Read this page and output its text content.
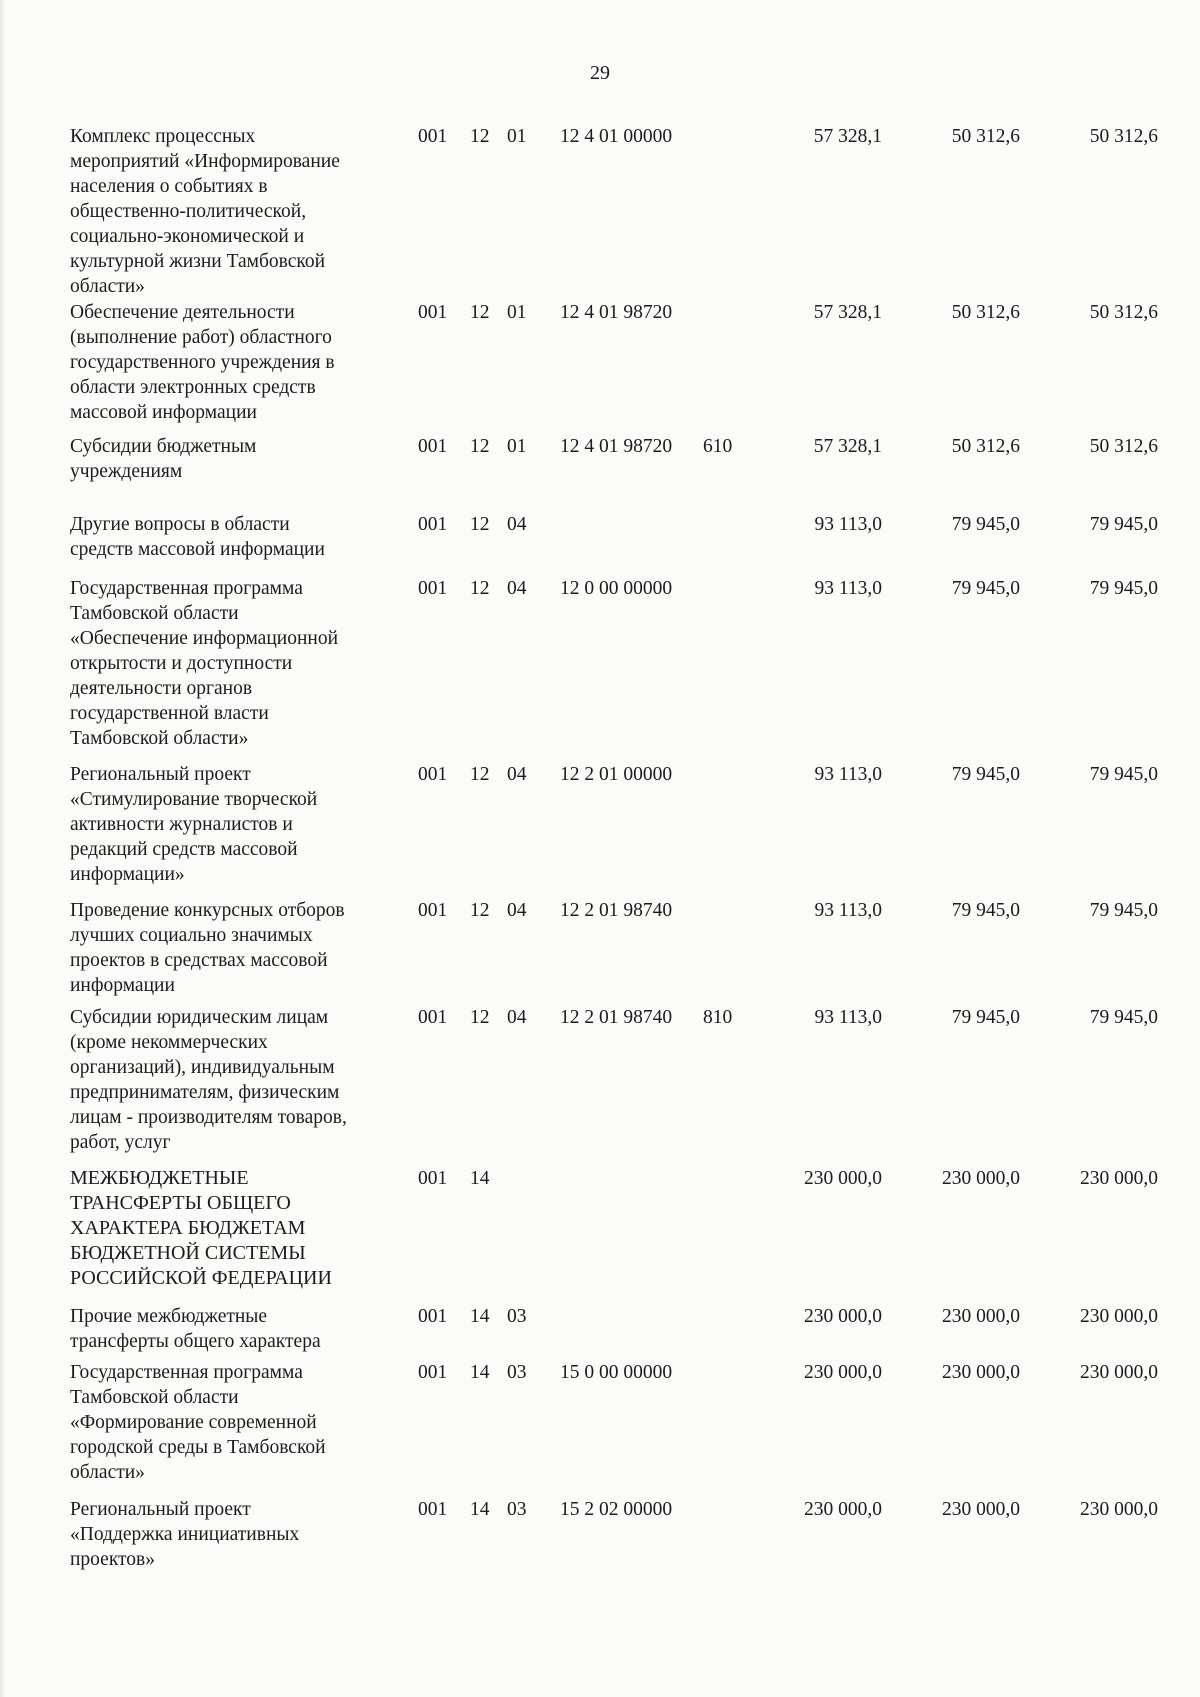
29
Комплекс процессных
мероприятий «Информирование
населения о событиях в
общественно-политической,
социально-экономической и
культурной жизни Тамбовской
области»
001 12 01 12 4 01 00000	57 328,1	50 312,6	50 312,6
Обеспечение деятельности
(выполнение работ) областного
государственного учреждения в
области электронных средств
массовой информации
001 12 01 12 4 01 98720	57 328,1	50 312,6	50 312,6
Субсидии бюджетным
учреждениям
001 12 01 12 4 01 98720 610	57 328,1	50 312,6	50 312,6
Другие вопросы в области
средств массовой информации
001 12 04	93 113,0	79 945,0	79 945,0
Государственная программа
Тамбовской области
«Обеспечение информационной
открытости и доступности
деятельности органов
государственной власти
Тамбовской области»
001 12 04 12 0 00 00000	93 113,0	79 945,0	79 945,0
Региональный проект
«Стимулирование творческой
активности журналистов и
редакций средств массовой
информации»
001 12 04 12 2 01 00000	93 113,0	79 945,0	79 945,0
Проведение конкурсных отборов
лучших социально значимых
проектов в средствах массовой
информации
001 12 04 12 2 01 98740	93 113,0	79 945,0	79 945,0
Субсидии юридическим лицам
(кроме некоммерческих
организаций), индивидуальным
предпринимателям, физическим
лицам - производителям товаров,
работ, услуг
001 12 04 12 2 01 98740 810	93 113,0	79 945,0	79 945,0
МЕЖБЮДЖЕТНЫЕ
ТРАНСФЕРТЫ ОБЩЕГО
ХАРАКТЕРА БЮДЖЕТАМ
БЮДЖЕТНОЙ СИСТЕМЫ
РОССИЙСКОЙ ФЕДЕРАЦИИ
001 14	230 000,0	230 000,0	230 000,0
Прочие межбюджетные
трансферты общего характера
001 14 03	230 000,0	230 000,0	230 000,0
Государственная программа
Тамбовской области
«Формирование современной
городской среды в Тамбовской
области»
001 14 03 15 0 00 00000	230 000,0	230 000,0	230 000,0
Региональный проект
«Поддержка инициативных
проектов»
001 14 03 15 2 02 00000	230 000,0	230 000,0	230 000,0
